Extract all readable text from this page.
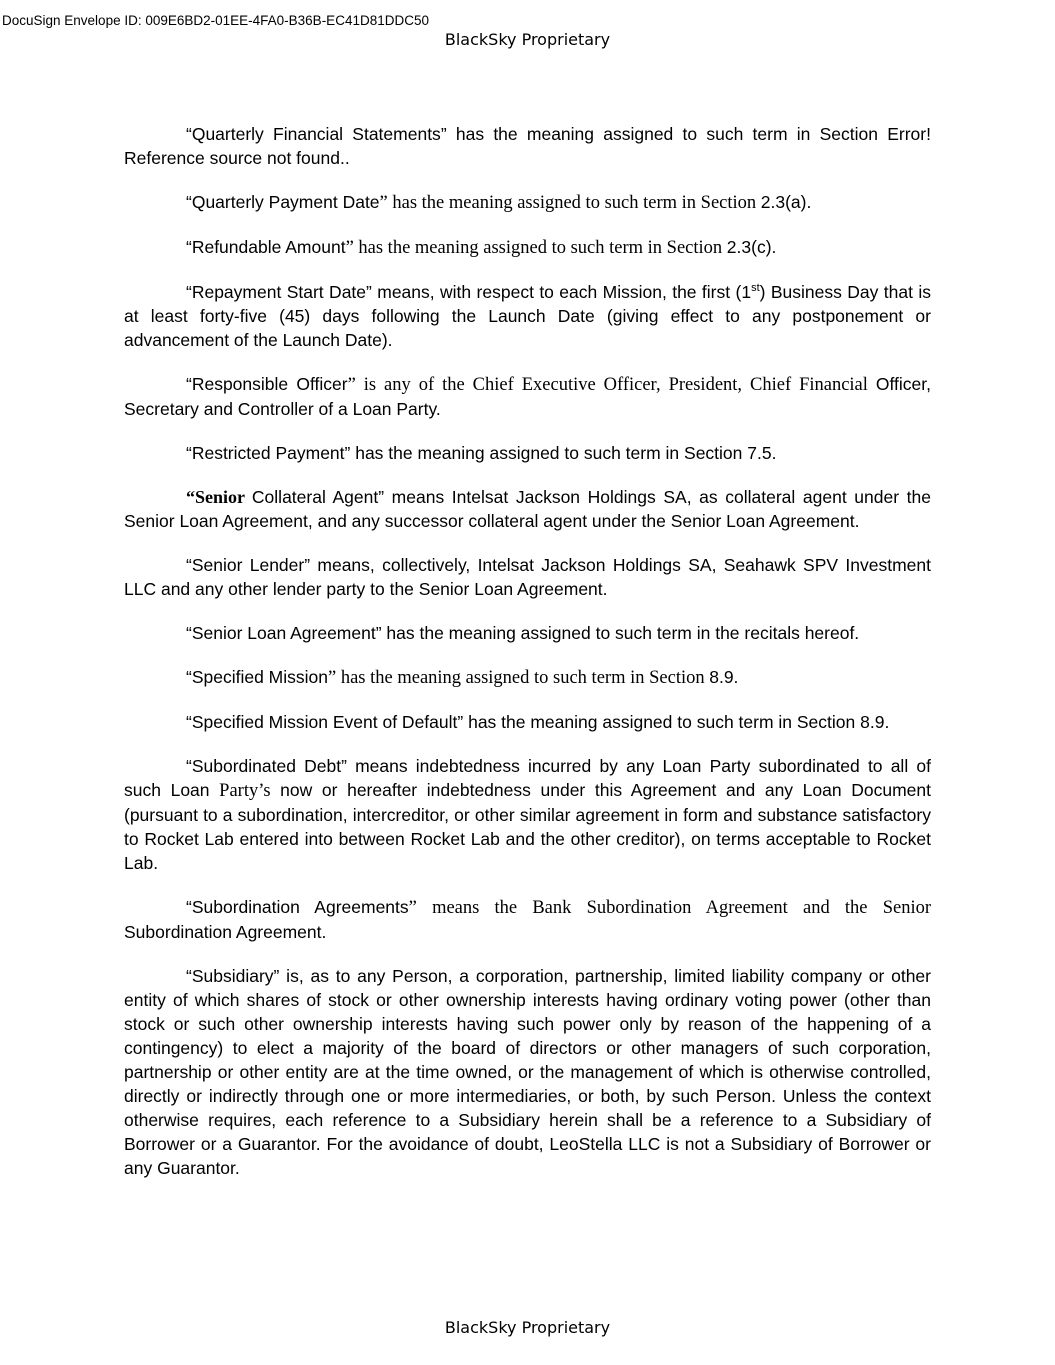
DocuSign Envelope ID: 009E6BD2-01EE-4FA0-B36B-EC41D81DDC50
BlackSky Proprietary

“Quarterly Financial Statements” has the meaning assigned to such term in Section Error! Reference source not found..

“Quarterly Payment Date” has the meaning assigned to such term in Section 2.3(a).

“Refundable Amount” has the meaning assigned to such term in Section 2.3(c).

“Repayment Start Date” means, with respect to each Mission, the first (1st) Business Day that is at least forty-five (45) days following the Launch Date (giving effect to any postponement or advancement of the Launch Date).

“Responsible Officer” is any of the Chief Executive Officer, President, Chief Financial Officer, Secretary and Controller of a Loan Party.

“Restricted Payment” has the meaning assigned to such term in Section 7.5.

“Senior Collateral Agent” means Intelsat Jackson Holdings SA, as collateral agent under the Senior Loan Agreement, and any successor collateral agent under the Senior Loan Agreement.

“Senior Lender” means, collectively, Intelsat Jackson Holdings SA, Seahawk SPV Investment LLC and any other lender party to the Senior Loan Agreement.

“Senior Loan Agreement” has the meaning assigned to such term in the recitals hereof.

“Specified Mission” has the meaning assigned to such term in Section 8.9.

“Specified Mission Event of Default” has the meaning assigned to such term in Section 8.9.

“Subordinated Debt” means indebtedness incurred by any Loan Party subordinated to all of such Loan Party’s now or hereafter indebtedness under this Agreement and any Loan Document (pursuant to a subordination, intercreditor, or other similar agreement in form and substance satisfactory to Rocket Lab entered into between Rocket Lab and the other creditor), on terms acceptable to Rocket Lab.

“Subordination Agreements” means the Bank Subordination Agreement and the Senior Subordination Agreement.

“Subsidiary” is, as to any Person, a corporation, partnership, limited liability company or other entity of which shares of stock or other ownership interests having ordinary voting power (other than stock or such other ownership interests having such power only by reason of the happening of a contingency) to elect a majority of the board of directors or other managers of such corporation, partnership or other entity are at the time owned, or the management of which is otherwise controlled, directly or indirectly through one or more intermediaries, or both, by such Person. Unless the context otherwise requires, each reference to a Subsidiary herein shall be a reference to a Subsidiary of Borrower or a Guarantor. For the avoidance of doubt, LeoStella LLC is not a Subsidiary of Borrower or any Guarantor.

BlackSky Proprietary
